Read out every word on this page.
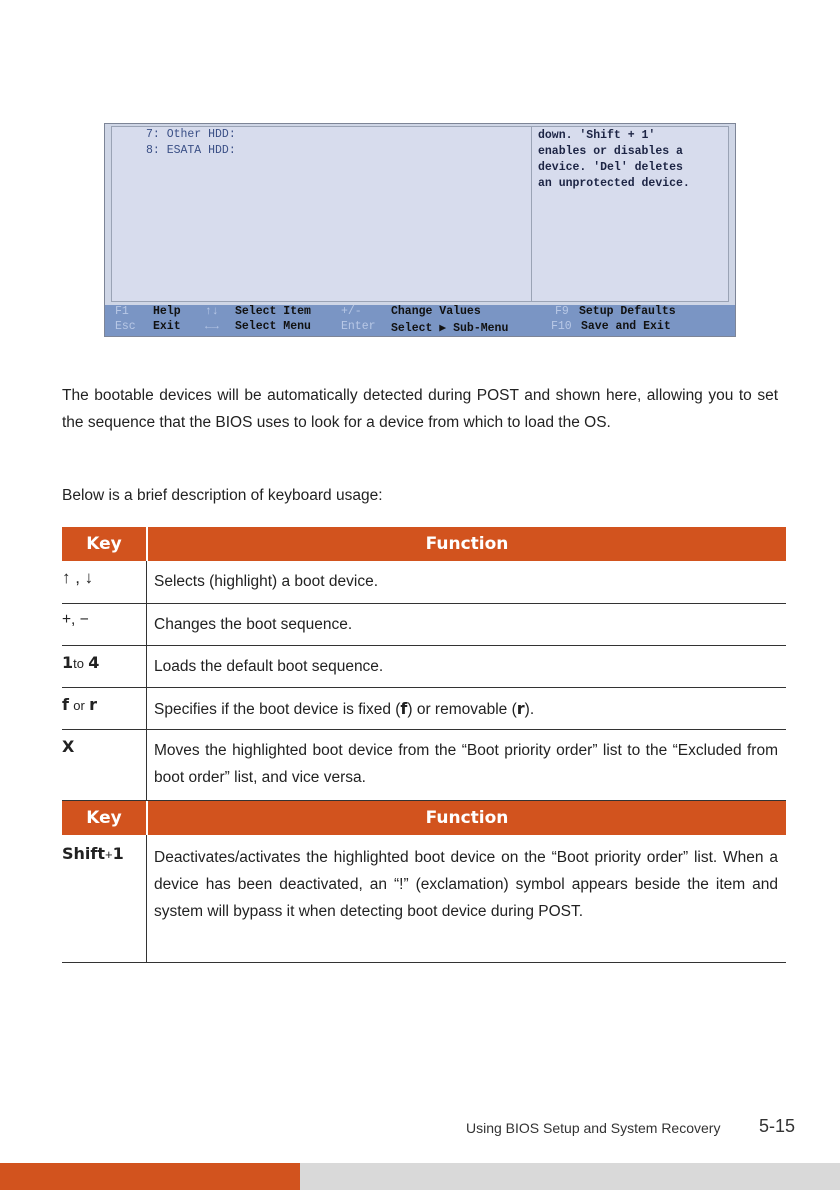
7: Other HDD:
8: ESATA HDD:
down. 'Shift + 1'
enables or disables a
device. 'Del' deletes
an unprotected device.
F1 Help ↑↓ Select Item	+/-	Change Values	F9 Setup Defaults
Esc Exit ←→ Select Menu	Enter Select ▶ Sub-Menu	F10 Save and Exit
The bootable devices will be automatically detected during POST and shown here, allowing you to set the sequence that the BIOS uses to look for a device from which to load the OS.
Below is a brief description of keyboard usage:
Key	Function
↑ , ↓	Selects (highlight) a boot device.
+, −	Changes the boot sequence.
1to 4	Loads the default boot sequence.
f or r	Specifies if the boot device is fixed (f) or removable (r).
X	Moves the highlighted boot device from the “Boot priority order” list to the “Excluded from boot order” list, and vice versa.
Key	Function
Shift+1	Deactivates/activates the highlighted boot device on the “Boot priority order” list. When a device has been deactivated, an “!” (exclamation) symbol appears beside the item and system will bypass it when detecting boot device during POST.
Using BIOS Setup and System Recovery 5-15
